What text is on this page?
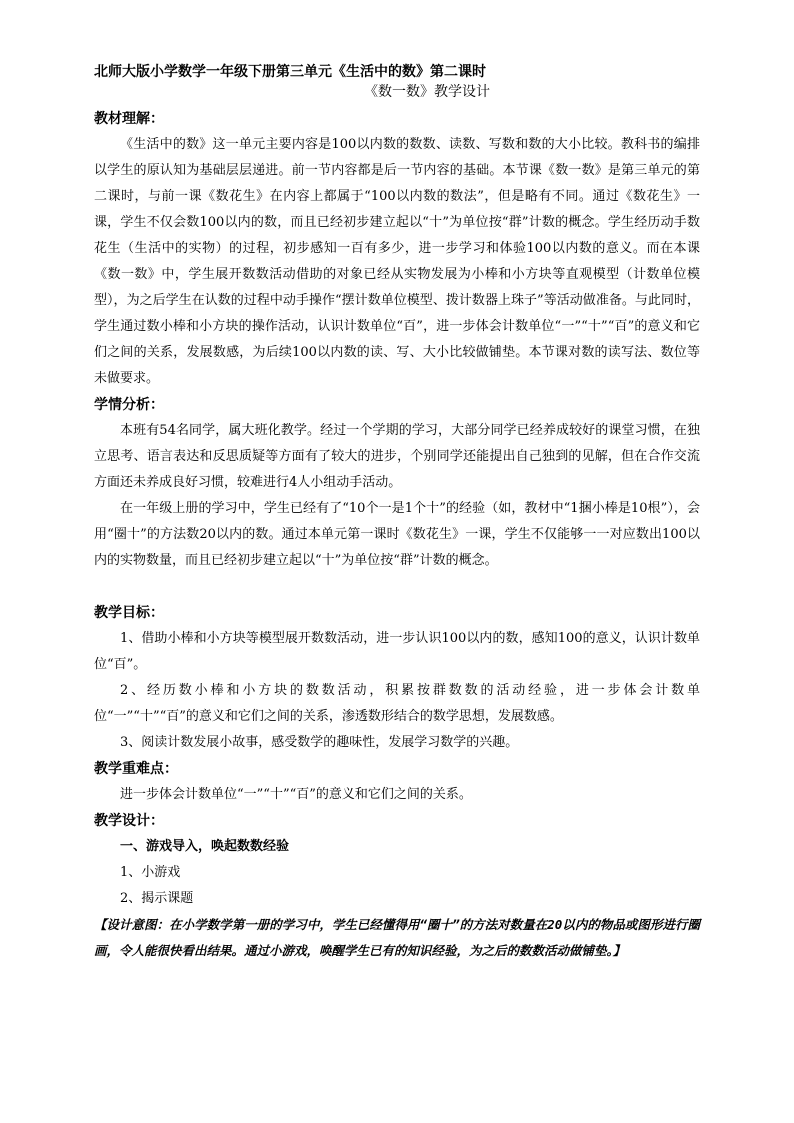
北师大版小学数学一年级下册第三单元《生活中的数》第二课时

《数一数》教学设计

教材理解：

《生活中的数》这一单元主要内容是100以内数的数数、读数、写数和数的大小比较。教科书的编排以学生的原认知为基础层层递进。前一节内容都是后一节内容的基础。本节课《数一数》是第三单元的第二课时，与前一课《数花生》在内容上都属于“100以内数的数法”，但是略有不同。通过《数花生》一课，学生不仅会数100以内的数，而且已经初步建立起以“十”为单位按“群”计数的概念。学生经历动手数花生（生活中的实物）的过程，初步感知一百有多少，进一步学习和体验100以内数的意义。而在本课《数一数》中，学生展开数数活动借助的对象已经从实物发展为小棒和小方块等直观模型（计数单位模型），为之后学生在认数的过程中动手操作“摆计数单位模型、拨计数器上珠子”等活动做准备。与此同时，学生通过数小棒和小方块的操作活动，认识计数单位“百”，进一步体会计数单位“一”“十”“百”的意义和它们之间的关系，发展数感，为后续100以内数的读、写、大小比较做铺垫。本节课对数的读写法、数位等未做要求。

学情分析：

本班有54名同学，属大班化教学。经过一个学期的学习，大部分同学已经养成较好的课堂习惯，在独立思考、语言表达和反思质疑等方面有了较大的进步，个别同学还能提出自己独到的见解，但在合作交流方面还未养成良好习惯，较难进行4人小组动手活动。

在一年级上册的学习中，学生已经有了“10个一是1个十”的经验（如，教材中“1捆小棒是10根”），会用“圈十”的方法数20以内的数。通过本单元第一课时《数花生》一课，学生不仅能够一一对应数出100以内的实物数量，而且已经初步建立起以“十”为单位按“群”计数的概念。

教学目标：

1、借助小棒和小方块等模型展开数数活动，进一步认识100以内的数，感知100的意义，认识计数单位“百”。

2、经历数小棒和小方块的数数活动，积累按群数数的活动经验，进一步体会计数单位“一”“十”“百”的意义和它们之间的关系，渗透数形结合的数学思想，发展数感。

3、阅读计数发展小故事，感受数学的趣味性，发展学习数学的兴趣。

教学重难点：

进一步体会计数单位“一”“十”“百”的意义和它们之间的关系。

教学设计：

一、游戏导入，唤起数数经验

1、小游戏

2、揭示课题

【设计意图：在小学数学第一册的学习中，学生已经懂得用“圈十”的方法对数量在20以内的物品或图形进行圈画，令人能很快看出结果。通过小游戏，唤醒学生已有的知识经验，为之后的数数活动做铺垫。】
